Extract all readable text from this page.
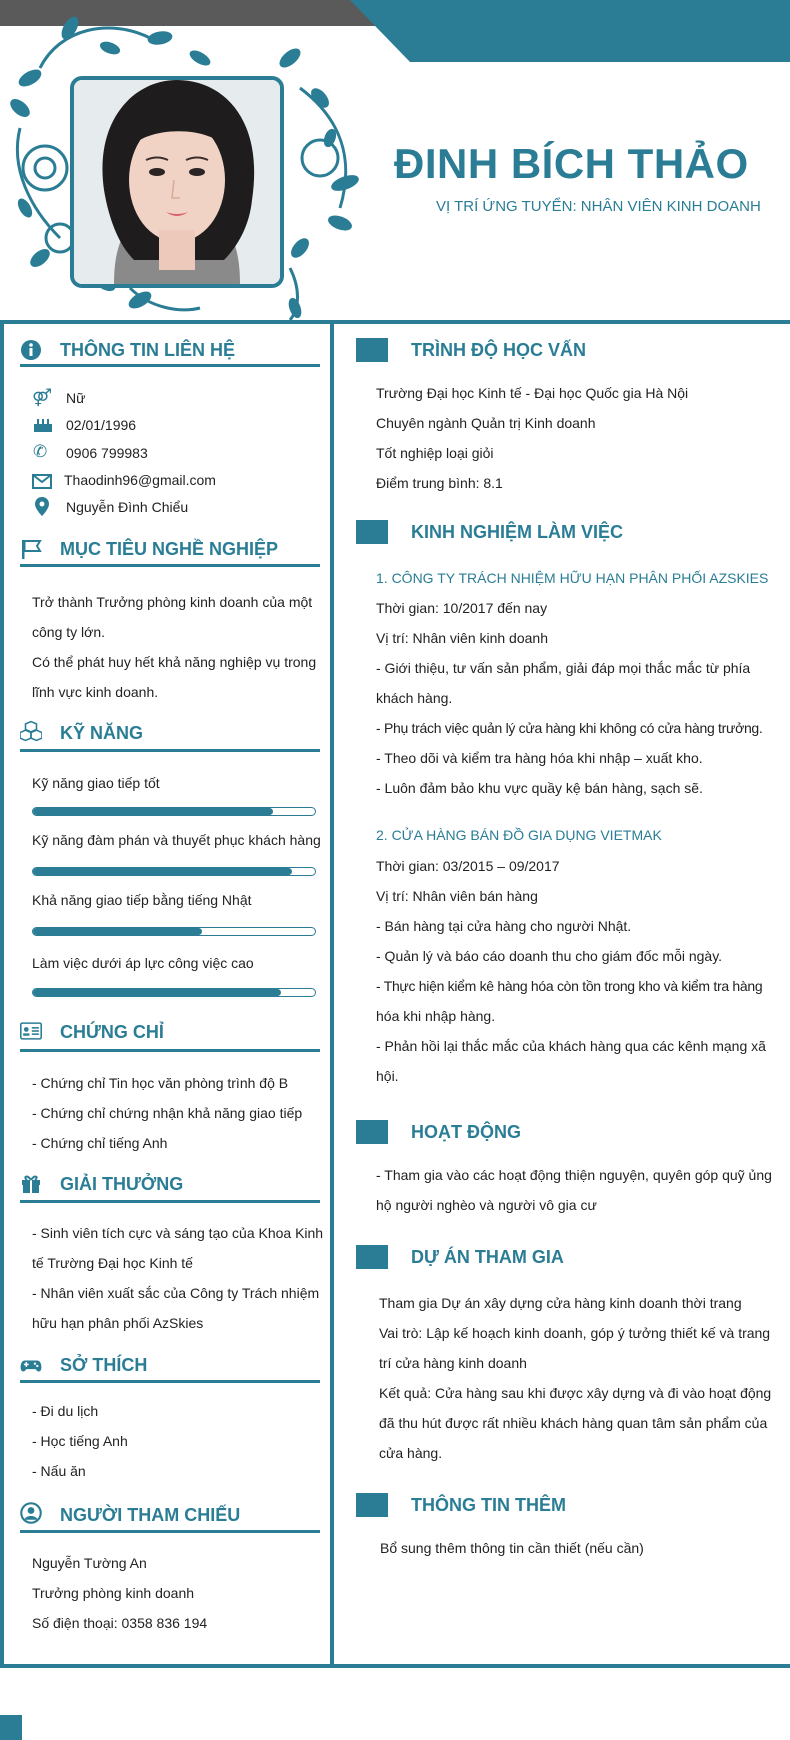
ĐINH BÍCH THẢO
VỊ TRÍ ỨNG TUYỂN: NHÂN VIÊN KINH DOANH
THÔNG TIN LIÊN HỆ
⚤ Nữ
02/01/1996
✆ 0906 799983
Thaodinh96@gmail.com
Nguyễn Đình Chiểu
MỤC TIÊU NGHỀ NGHIỆP
Trở thành Trưởng phòng kinh doanh của một
công ty lớn.
Có thể phát huy hết khả năng nghiệp vụ trong
lĩnh vực kinh doanh.
KỸ NĂNG
Kỹ năng giao tiếp tốt
Kỹ năng đàm phán và thuyết phục khách hàng
Khả năng giao tiếp bằng tiếng Nhật
Làm việc dưới áp lực công việc cao
CHỨNG CHỈ
- Chứng chỉ Tin học văn phòng trình độ B
- Chứng chỉ chứng nhận khả năng giao tiếp
- Chứng chỉ tiếng Anh
GIẢI THƯỞNG
- Sinh viên tích cực và sáng tạo của Khoa Kinh
tế Trường Đại học Kinh tế
- Nhân viên xuất sắc của Công ty Trách nhiệm
hữu hạn phân phối AzSkies
SỞ THÍCH
- Đi du lịch
- Học tiếng Anh
- Nấu ăn
NGƯỜI THAM CHIẾU
Nguyễn Tường An
Trưởng phòng kinh doanh
Số điện thoại: 0358 836 194
TRÌNH ĐỘ HỌC VẤN
Trường Đại học Kinh tế - Đại học Quốc gia Hà Nội
Chuyên ngành Quản trị Kinh doanh
Tốt nghiệp loại giỏi
Điểm trung bình: 8.1
KINH NGHIỆM LÀM VIỆC
1. CÔNG TY TRÁCH NHIỆM HỮU HẠN PHÂN PHỐI AZSKIES
Thời gian: 10/2017 đến nay
Vị trí: Nhân viên kinh doanh
- Giới thiệu, tư vấn sản phẩm, giải đáp mọi thắc mắc từ phía
khách hàng.
- Phụ trách việc quản lý cửa hàng khi không có cửa hàng trưởng.
- Theo dõi và kiểm tra hàng hóa khi nhập – xuất kho.
- Luôn đảm bảo khu vực quầy kệ bán hàng, sạch sẽ.
2. CỬA HÀNG BÁN ĐỒ GIA DỤNG VIETMAK
Thời gian: 03/2015 – 09/2017
Vị trí: Nhân viên bán hàng
- Bán hàng tại cửa hàng cho người Nhật.
- Quản lý và báo cáo doanh thu cho giám đốc mỗi ngày.
- Thực hiện kiểm kê hàng hóa còn tồn trong kho và kiểm tra hàng
hóa khi nhập hàng.
- Phản hồi lại thắc mắc của khách hàng qua các kênh mạng xã
hội.
HOẠT ĐỘNG
- Tham gia vào các hoạt động thiện nguyện, quyên góp quỹ ủng
hộ người nghèo và người vô gia cư
DỰ ÁN THAM GIA
Tham gia Dự án xây dựng cửa hàng kinh doanh thời trang
Vai trò: Lập kế hoạch kinh doanh, góp ý tưởng thiết kế và trang
trí cửa hàng kinh doanh
Kết quả: Cửa hàng sau khi được xây dựng và đi vào hoạt động
đã thu hút được rất nhiều khách hàng quan tâm sản phẩm của
cửa hàng.
THÔNG TIN THÊM
Bổ sung thêm thông tin cần thiết (nếu cần)
